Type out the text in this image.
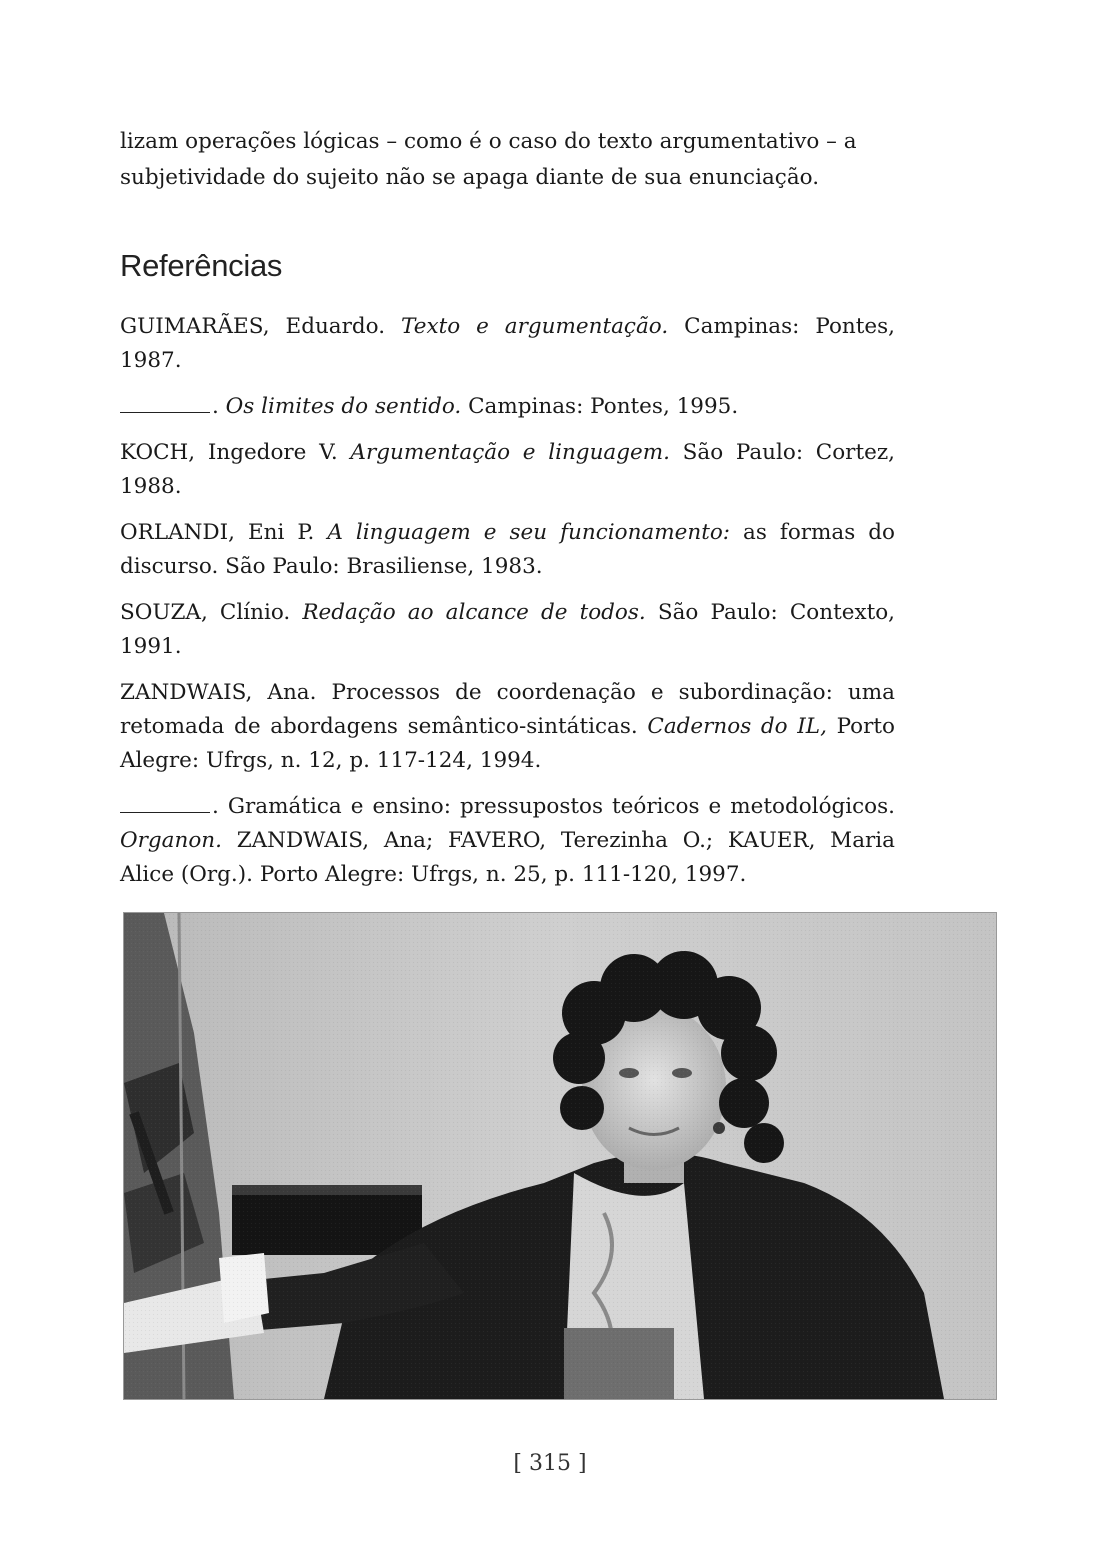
lizam operações lógicas – como é o caso do texto argumentativo – a
subjetividade do sujeito não se apaga diante de sua enunciação.

Referências

GUIMARÃES, Eduardo. Texto e argumentação. Campinas: Pontes, 1987.

. Os limites do sentido. Campinas: Pontes, 1995.

KOCH, Ingedore V. Argumentação e linguagem. São Paulo: Cortez, 1988.

ORLANDI, Eni P. A linguagem e seu funcionamento: as formas do discurso. São Paulo: Brasiliense, 1983.

SOUZA, Clínio. Redação ao alcance de todos. São Paulo: Contexto, 1991.

ZANDWAIS, Ana. Processos de coordenação e subordinação: uma retomada de abordagens semântico-sintáticas. Cadernos do IL, Porto Alegre: Ufrgs, n. 12, p. 117-124, 1994.

. Gramática e ensino: pressupostos teóricos e metodológicos. Organon. ZANDWAIS, Ana; FAVERO, Terezinha O.; KAUER, Maria Alice (Org.). Porto Alegre: Ufrgs, n. 25, p. 111-120, 1997.

[ 315 ]
